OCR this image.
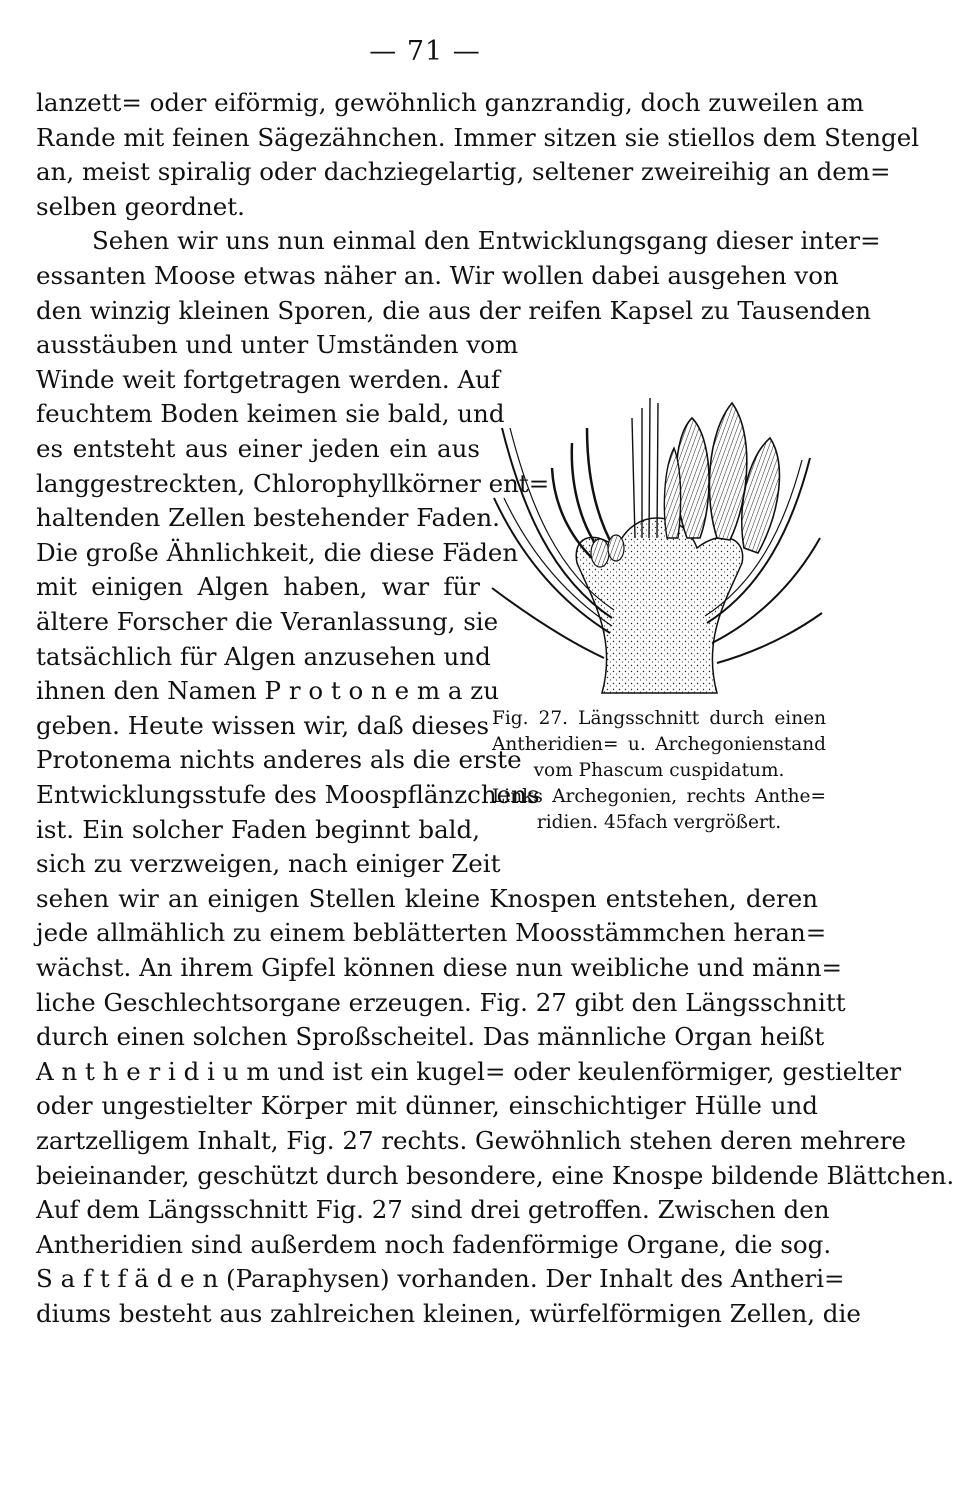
— 71 —
lanzett= oder eiförmig, gewöhnlich ganzrandig, doch zuweilen am
Rande mit feinen Sägezähnchen. Immer sitzen sie stiellos dem Stengel
an, meist spiralig oder dachziegelartig, seltener zweireihig an dem=
selben geordnet.
Sehen wir uns nun einmal den Entwicklungsgang dieser inter=
essanten Moose etwas näher an. Wir wollen dabei ausgehen von
den winzig kleinen Sporen, die aus der reifen Kapsel zu Tausenden
ausstäuben und unter Umständen vom
Winde weit fortgetragen werden. Auf
feuchtem Boden keimen sie bald, und
es entsteht aus einer jeden ein aus
langgestreckten, Chlorophyllkörner ent=
haltenden Zellen bestehender Faden.
Die große Ähnlichkeit, die diese Fäden
mit einigen Algen haben, war für
ältere Forscher die Veranlassung, sie
tatsächlich für Algen anzusehen und
ihnen den Namen P r o t o n e m a zu
geben. Heute wissen wir, daß dieses
Protonema nichts anderes als die erste
Entwicklungsstufe des Moospflänzchens
ist. Ein solcher Faden beginnt bald,
sich zu verzweigen, nach einiger Zeit
sehen wir an einigen Stellen kleine Knospen entstehen, deren
jede allmählich zu einem beblätterten Moosstämmchen heran=
wächst. An ihrem Gipfel können diese nun weibliche und männ=
liche Geschlechtsorgane erzeugen. Fig. 27 gibt den Längsschnitt
durch einen solchen Sproßscheitel. Das männliche Organ heißt
A n t h e r i d i u m und ist ein kugel= oder keulenförmiger, gestielter
oder ungestielter Körper mit dünner, einschichtiger Hülle und
zartzelligem Inhalt, Fig. 27 rechts. Gewöhnlich stehen deren mehrere
beieinander, geschützt durch besondere, eine Knospe bildende Blättchen.
Auf dem Längsschnitt Fig. 27 sind drei getroffen. Zwischen den
Antheridien sind außerdem noch fadenförmige Organe, die sog.
S a f t f ä d e n (Paraphysen) vorhanden. Der Inhalt des Antheri=
diums besteht aus zahlreichen kleinen, würfelförmigen Zellen, die
Fig. 27. Längsschnitt durch einen
Antheridien= u. Archegonienstand
vom Phascum cuspidatum.
Links Archegonien, rechts Anthe=
ridien. 45fach vergrößert.
